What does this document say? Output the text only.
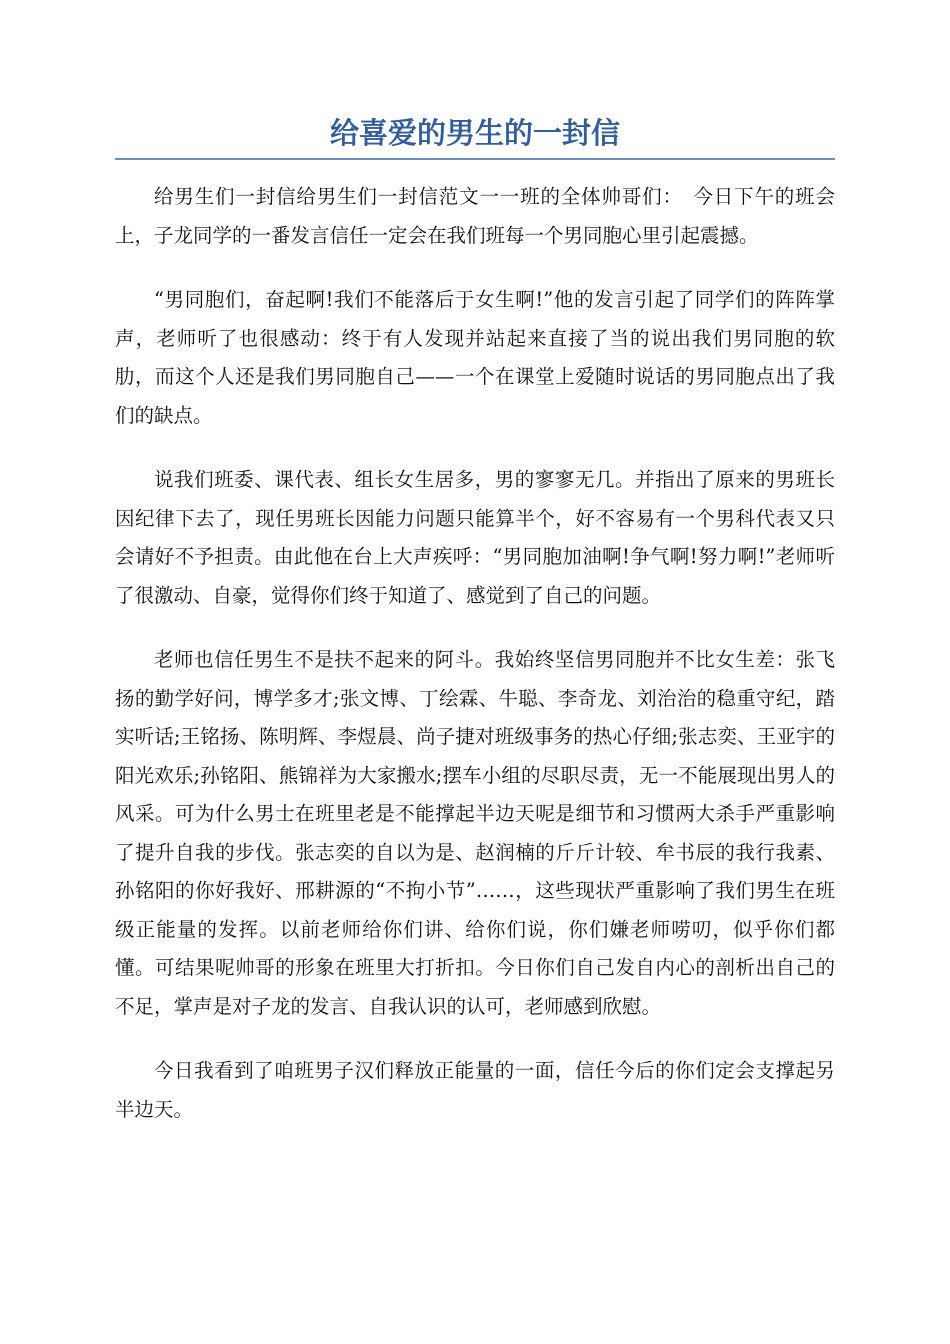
给喜爱的男生的一封信

给男生们一封信给男生们一封信范文一一班的全体帅哥们：　今日下午的班会上，子龙同学的一番发言信任一定会在我们班每一个男同胞心里引起震撼。

“男同胞们，奋起啊!我们不能落后于女生啊!”他的发言引起了同学们的阵阵掌声，老师听了也很感动：终于有人发现并站起来直接了当的说出我们男同胞的软肋，而这个人还是我们男同胞自己——一个在课堂上爱随时说话的男同胞点出了我们的缺点。

说我们班委、课代表、组长女生居多，男的寥寥无几。并指出了原来的男班长因纪律下去了，现任男班长因能力问题只能算半个，好不容易有一个男科代表又只会请好不予担责。由此他在台上大声疾呼：“男同胞加油啊!争气啊!努力啊!”老师听了很激动、自豪，觉得你们终于知道了、感觉到了自己的问题。

老师也信任男生不是扶不起来的阿斗。我始终坚信男同胞并不比女生差：张飞扬的勤学好问，博学多才;张文博、丁绘霖、牛聪、李奇龙、刘治治的稳重守纪，踏实听话;王铭扬、陈明辉、李煜晨、尚子捷对班级事务的热心仔细;张志奕、王亚宇的阳光欢乐;孙铭阳、熊锦祥为大家搬水;摆车小组的尽职尽责，无一不能展现出男人的风采。可为什么男士在班里老是不能撑起半边天呢是细节和习惯两大杀手严重影响了提升自我的步伐。张志奕的自以为是、赵润楠的斤斤计较、牟书辰的我行我素、孙铭阳的你好我好、邢耕源的“不拘小节”……，这些现状严重影响了我们男生在班级正能量的发挥。以前老师给你们讲、给你们说，你们嫌老师唠叨，似乎你们都懂。可结果呢帅哥的形象在班里大打折扣。今日你们自己发自内心的剖析出自己的不足，掌声是对子龙的发言、自我认识的认可，老师感到欣慰。

今日我看到了咱班男子汉们释放正能量的一面，信任今后的你们定会支撑起另半边天。
